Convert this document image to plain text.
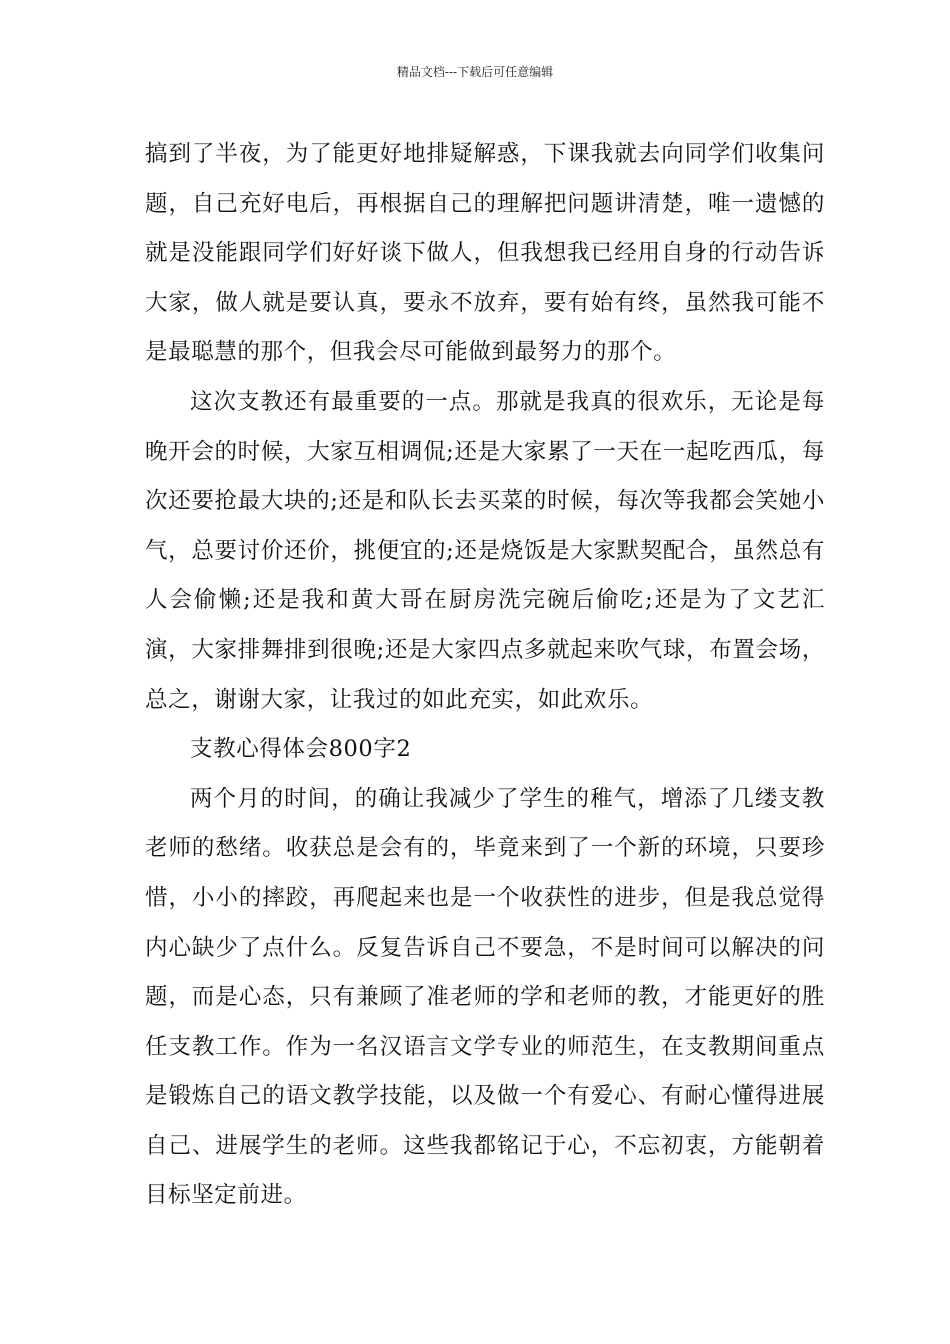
精品文档---下载后可任意编辑

搞到了半夜，为了能更好地排疑解惑，下课我就去向同学们收集问题，自己充好电后，再根据自己的理解把问题讲清楚，唯一遗憾的就是没能跟同学们好好谈下做人，但我想我已经用自身的行动告诉大家，做人就是要认真，要永不放弃，要有始有终，虽然我可能不是最聪慧的那个，但我会尽可能做到最努力的那个。

这次支教还有最重要的一点。那就是我真的很欢乐，无论是每晚开会的时候，大家互相调侃;还是大家累了一天在一起吃西瓜，每次还要抢最大块的;还是和队长去买菜的时候，每次等我都会笑她小气，总要讨价还价，挑便宜的;还是烧饭是大家默契配合，虽然总有人会偷懒;还是我和黄大哥在厨房洗完碗后偷吃;还是为了文艺汇演，大家排舞排到很晚;还是大家四点多就起来吹气球，布置会场，总之，谢谢大家，让我过的如此充实，如此欢乐。

支教心得体会800字2

两个月的时间，的确让我减少了学生的稚气，增添了几缕支教老师的愁绪。收获总是会有的，毕竟来到了一个新的环境，只要珍惜，小小的摔跤，再爬起来也是一个收获性的进步，但是我总觉得内心缺少了点什么。反复告诉自己不要急，不是时间可以解决的问题，而是心态，只有兼顾了准老师的学和老师的教，才能更好的胜任支教工作。作为一名汉语言文学专业的师范生，在支教期间重点是锻炼自己的语文教学技能，以及做一个有爱心、有耐心懂得进展自己、进展学生的老师。这些我都铭记于心，不忘初衷，方能朝着目标坚定前进。
